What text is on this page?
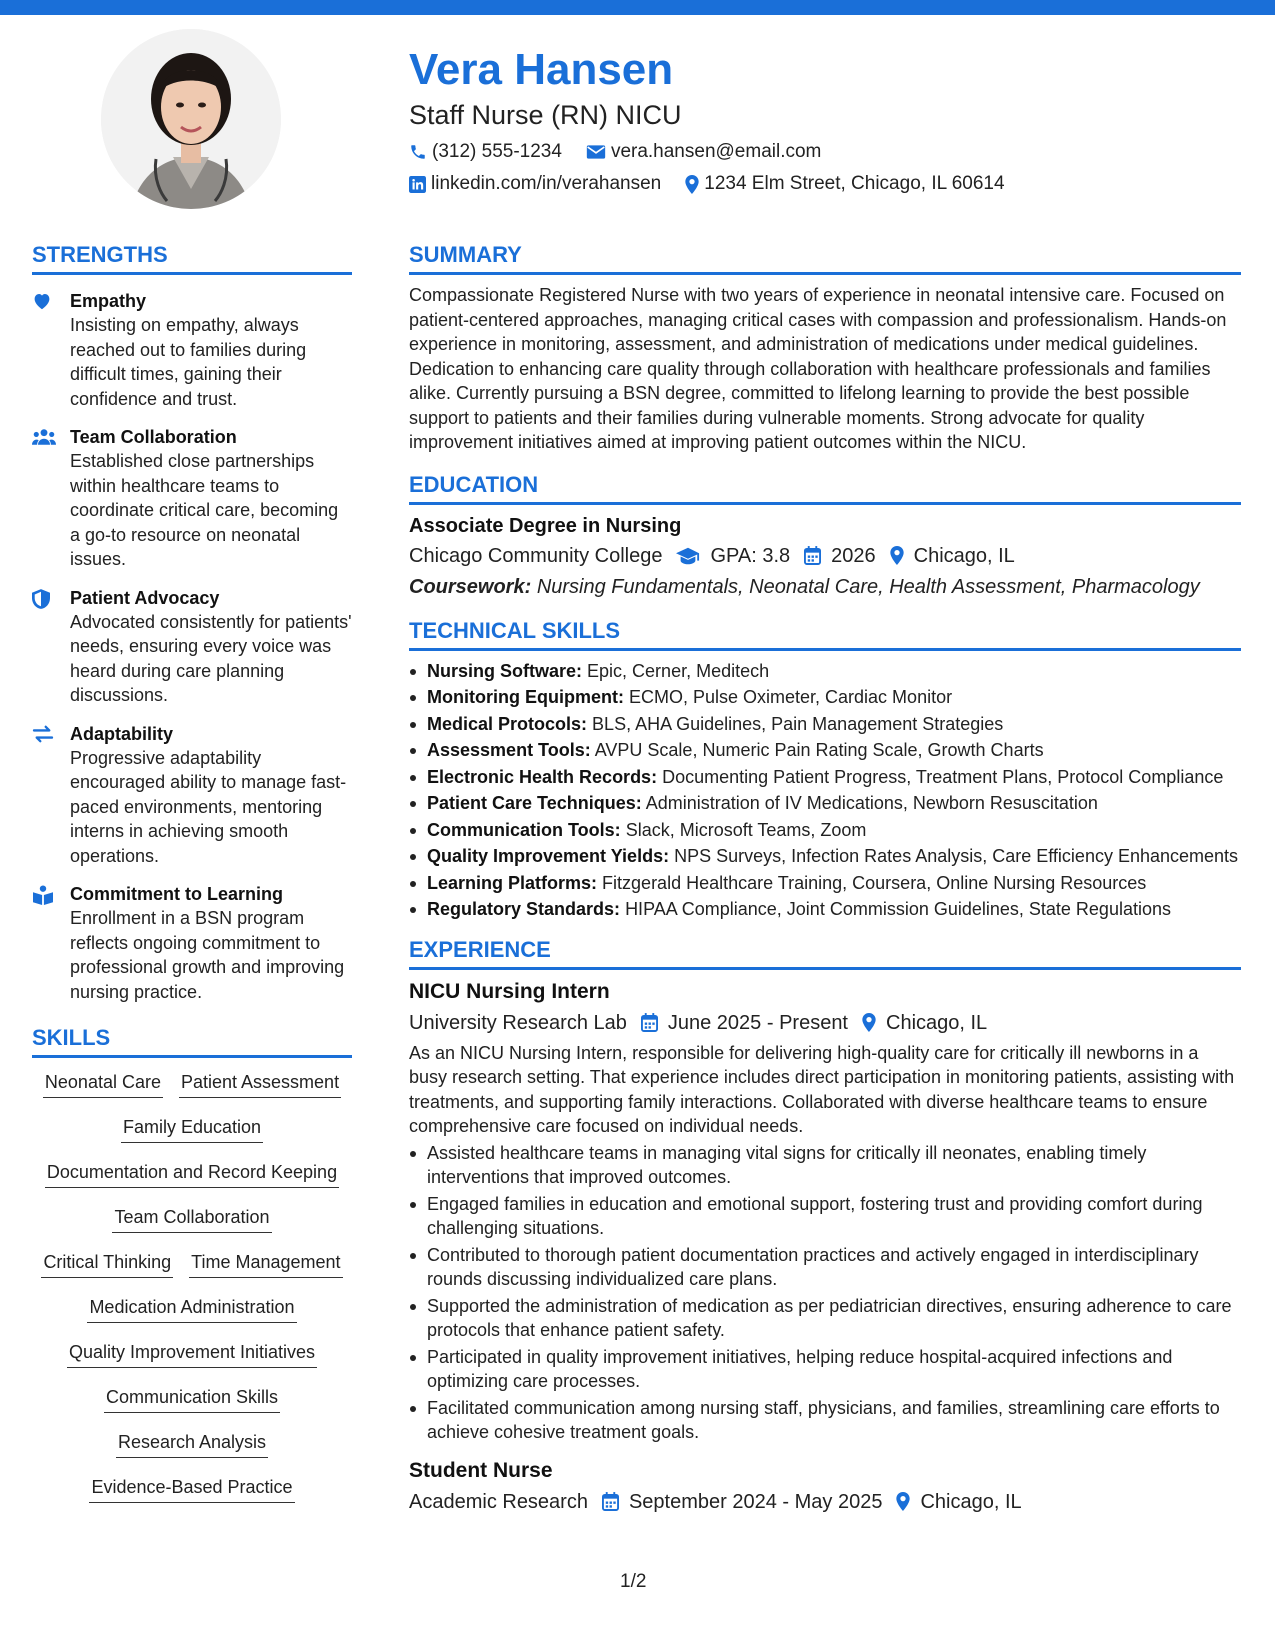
Vera Hansen
Staff Nurse (RN) NICU
(312) 555-1234	vera.hansen@email.com
linkedin.com/in/verahansen 1234 Elm Street, Chicago, IL 60614
STRENGTHS
Empathy
Insisting on empathy, always reached out to families during difficult times, gaining their confidence and trust.
Team Collaboration
Established close partnerships within healthcare teams to coordinate critical care, becoming a go-to resource on neonatal issues.
Patient Advocacy
Advocated consistently for patients' needs, ensuring every voice was heard during care planning discussions.
Adaptability
Progressive adaptability encouraged ability to manage fast-paced environments, mentoring interns in achieving smooth operations.
Commitment to Learning
Enrollment in a BSN program reflects ongoing commitment to professional growth and improving nursing practice.
SKILLS
Neonatal Care Patient Assessment
Family Education
Documentation and Record Keeping
Team Collaboration
Critical Thinking Time Management
Medication Administration
Quality Improvement Initiatives
Communication Skills
Research Analysis
Evidence-Based Practice
SUMMARY
Compassionate Registered Nurse with two years of experience in neonatal intensive care. Focused on patient-centered approaches, managing critical cases with compassion and professionalism. Hands-on experience in monitoring, assessment, and administration of medications under medical guidelines. Dedication to enhancing care quality through collaboration with healthcare professionals and families alike. Currently pursuing a BSN degree, committed to lifelong learning to provide the best possible support to patients and their families during vulnerable moments. Strong advocate for quality improvement initiatives aimed at improving patient outcomes within the NICU.
EDUCATION
Associate Degree in Nursing
Chicago Community College GPA: 3.8 2026 Chicago, IL
Coursework: Nursing Fundamentals, Neonatal Care, Health Assessment, Pharmacology
TECHNICAL SKILLS
Nursing Software: Epic, Cerner, Meditech
Monitoring Equipment: ECMO, Pulse Oximeter, Cardiac Monitor
Medical Protocols: BLS, AHA Guidelines, Pain Management Strategies
Assessment Tools: AVPU Scale, Numeric Pain Rating Scale, Growth Charts
Electronic Health Records: Documenting Patient Progress, Treatment Plans, Protocol Compliance
Patient Care Techniques: Administration of IV Medications, Newborn Resuscitation
Communication Tools: Slack, Microsoft Teams, Zoom
Quality Improvement Yields: NPS Surveys, Infection Rates Analysis, Care Efficiency Enhancements
Learning Platforms: Fitzgerald Healthcare Training, Coursera, Online Nursing Resources
Regulatory Standards: HIPAA Compliance, Joint Commission Guidelines, State Regulations
EXPERIENCE
NICU Nursing Intern
University Research Lab June 2025 - Present Chicago, IL
As an NICU Nursing Intern, responsible for delivering high-quality care for critically ill newborns in a busy research setting. That experience includes direct participation in monitoring patients, assisting with treatments, and supporting family interactions. Collaborated with diverse healthcare teams to ensure comprehensive care focused on individual needs.
Assisted healthcare teams in managing vital signs for critically ill neonates, enabling timely interventions that improved outcomes.
Engaged families in education and emotional support, fostering trust and providing comfort during challenging situations.
Contributed to thorough patient documentation practices and actively engaged in interdisciplinary rounds discussing individualized care plans.
Supported the administration of medication as per pediatrician directives, ensuring adherence to care protocols that enhance patient safety.
Participated in quality improvement initiatives, helping reduce hospital-acquired infections and optimizing care processes.
Facilitated communication among nursing staff, physicians, and families, streamlining care efforts to achieve cohesive treatment goals.
Student Nurse
Academic Research September 2024 - May 2025 Chicago, IL
1/2
